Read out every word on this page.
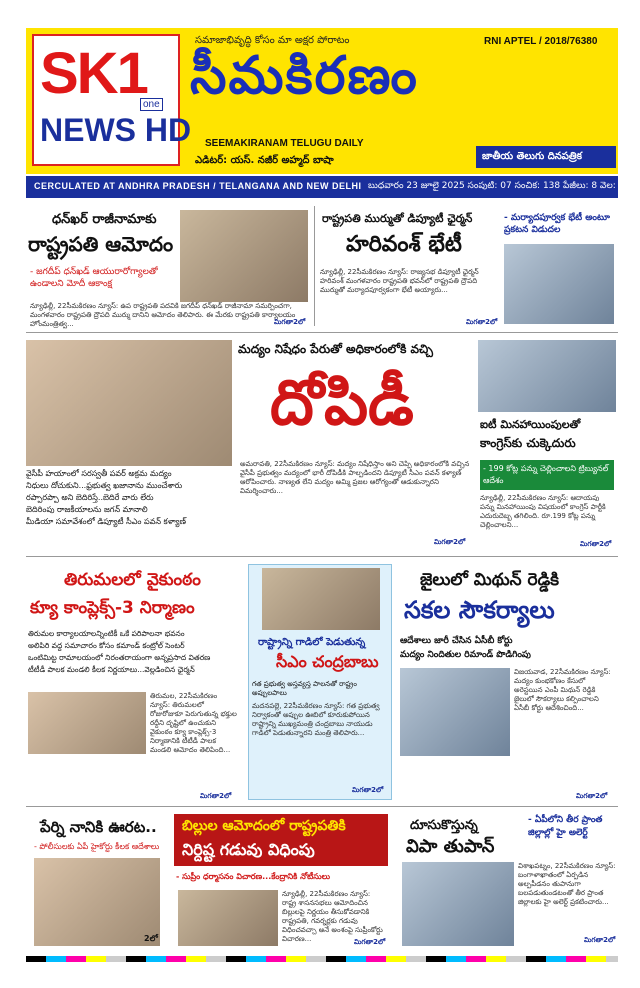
SK1
NEWS HD
one
సమాజాభివృద్ధి కోసం మా అక్షర పోరాటం	RNI APTEL / 2018/76380
సీమకిరణం
SEEMAKIRANAM TELUGU DAILY
ఎడిటర్: యస్. నజీర్ అహ్మద్ బాషా	జాతీయ తెలుగు దినపత్రిక
CERCULATED AT ANDHRA PRADESH / TELANGANA AND NEW DELHI బుధవారం 23 జూలై 2025 సంపుటి: 07 సంచిక: 138 పేజీలు: 8 వెల: 2
ధన్‌ఖర్ రాజీనామాకు
రాష్ట్రపతి ఆమోదం
- జగదీప్ ధన్‌ఖడ్ ఆయురారోగ్యాలతో ఉండాలని మోదీ ఆకాంక్ష
న్యూఢిల్లీ, 22సీమకిరణం న్యూస్: ఉప రాష్ట్రపతి పదవికి జగదీప్ ధన్‌ఖడ్ రాజీనామా సమర్పించగా, మంగళవారం రాష్ట్రపతి ద్రౌపది ముర్ము దానిని ఆమోదం తెలిపారు. ఈ మేరకు రాష్ట్రపతి కార్యాలయం హోంమంత్రిత్వ...	మిగతా2లో
రాష్ట్రపతి ముర్ముతో డిప్యూటీ ఛైర్మన్
హరివంశ్ భేటీ
న్యూఢిల్లీ, 22సీమకిరణం న్యూస్: రాజ్యసభ డిప్యూటీ ఛైర్మన్ హరివంశ్ మంగళవారం రాష్ట్రపతి భవన్‌లో రాష్ట్రపతి ద్రౌపది ముర్ముతో మర్యాదపూర్వకంగా భేటీ అయ్యారు...
మిగతా2లో
- మర్యాదపూర్వక భేటీ అంటూ ప్రకటన విడుదల
వైసీపీ హయాంలో సరస్వతీ పవర్ అక్రమ మద్యం
నిధులు దోచుకుని...ఫ్రభుత్వ ఖజానాను ముంచేశారు
రప్పారప్పా అని బెదిరిస్తే..బెదిరే వారు లేరు
బెదిరింపు రాజకీయాలను జగన్ మానాలి
మీడియా సమావేశంలో డిప్యూటీ సీఎం పవన్ కళ్యాణ్
మద్యం నిషేధం పేరుతో అధికారంలోకి వచ్చి
దోపిడీ
అమరావతి, 22సీమకిరణం న్యూస్: మద్యం నిషేధిస్తాం అని చెప్పి అధికారంలోకి వచ్చిన వైసీపీ ప్రభుత్వం మద్యంలో భారీ దోపిడీకి పాల్పడిందని డిప్యూటీ సీఎం పవన్ కళ్యాణ్ ఆరోపించారు. నాణ్యత లేని మద్యం అమ్మి ప్రజల ఆరోగ్యంతో ఆడుకున్నారని విమర్శించారు...
మిగతా2లో
ఐటీ మినహాయింపులతో
కాంగ్రెస్‌కు చుక్కెదురు
- 199 కోట్ల పన్ను చెల్లించాలని ట్రిబ్యునల్ ఆదేశం
న్యూఢిల్లీ, 22సీమకిరణం న్యూస్: ఆదాయపు పన్ను మినహాయింపు విషయంలో కాంగ్రెస్ పార్టీకి ఎదురుదెబ్బ తగిలింది. రూ.199 కోట్ల పన్ను చెల్లించాలని...
మిగతా2లో
తిరుమలలో వైకుంఠం
క్యూ కాంప్లెక్స్-3 నిర్మాణం
తిరుమల కార్యాలయాలన్నింటికీ ఒకే పరిపాలనా భవనం
అలిపిరి వద్ద సమాచారం కోసం కమాండ్ కంట్రోల్ సెంటర్
ఒంటిమిట్ట రామాలయంలో నిరంతరాయంగా అన్నప్రసాద వితరణ
టీటీడీ పాలక మండలి కీలక నిర్ణయాలు...వెల్లడించిన ఛైర్మన్
తిరుమల, 22సీమకిరణం న్యూస్: తిరుమలలో రోజురోజుకూ పెరుగుతున్న భక్తుల రద్దీని దృష్టిలో ఉంచుకుని వైకుంఠం క్యూ కాంప్లెక్స్-3 నిర్మాణానికి టీటీడీ పాలక మండలి ఆమోదం తెలిపింది...
మిగతా2లో
రాష్ట్రాన్ని గాడిలో పెడుతున్న
సీఎం చంద్రబాబు
గత ప్రభుత్వ అస్తవ్యస్త పాలనతో రాష్ట్రం అప్పులపాలు
మదనపల్లె, 22సీమకిరణం న్యూస్: గత ప్రభుత్వ నిర్వాకంతో అప్పుల ఊబిలో కూరుకుపోయిన రాష్ట్రాన్ని ముఖ్యమంత్రి చంద్రబాబు నాయుడు గాడిలో పెడుతున్నారని మంత్రి తెలిపారు...
మిగతా2లో
జైలులో మిథున్ రెడ్డికి
సకల సౌకర్యాలు
ఆదేశాలు జారీ చేసిన ఏసీబీ కోర్టు
మద్యం నిందితుల రిమాండ్ పొడిగింపు
విజయవాడ, 22సీమకిరణం న్యూస్: మద్యం కుంభకోణం కేసులో అరెస్టయిన ఎంపీ మిథున్ రెడ్డికి జైలులో సౌకర్యాలు కల్పించాలని ఏసీబీ కోర్టు ఆదేశించింది...
మిగతా2లో
పేర్ని నానికి ఊరట..
- పోలీసులకు ఏపీ హైకోర్టు కీలక ఆదేశాలు
2లో
బిల్లుల ఆమోదంలో రాష్ట్రపతికి
నిర్దిష్ట గడువు విధింపు
- సుప్రీం ధర్మాసనం విచారణ...కేంద్రానికి నోటీసులు
న్యూఢిల్లీ, 22సీమకిరణం న్యూస్: రాష్ట్ర శాసనసభలు ఆమోదించిన బిల్లులపై నిర్ణయం తీసుకోవడానికి రాష్ట్రపతి, గవర్నర్లకు గడువు విధించవచ్చా అనే అంశంపై సుప్రీంకోర్టు విచారణ...	మిగతా2లో
దూసుకొస్తున్న
విపా తుపాన్
- ఏపీలోని తీర ప్రాంత జిల్లాల్లో హై అలెర్ట్
విశాఖపట్నం, 22సీమకిరణం న్యూస్: బంగాళాఖాతంలో ఏర్పడిన అల్పపీడనం తుపానుగా బలపడుతుండటంతో తీర ప్రాంత జిల్లాలకు హై అలెర్ట్ ప్రకటించారు...
మిగతా2లో
